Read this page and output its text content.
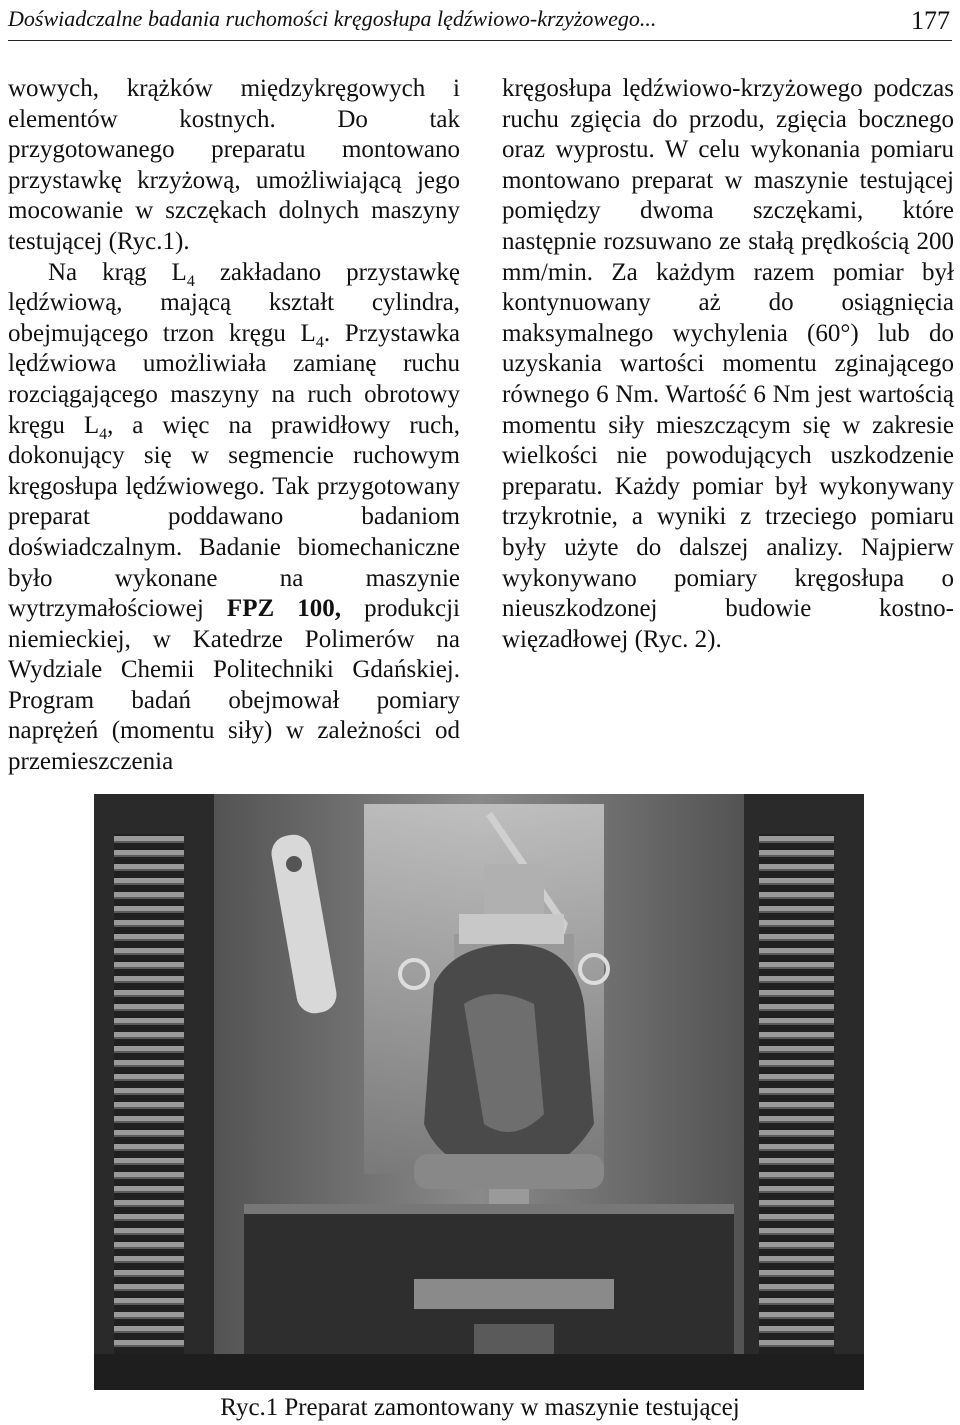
Doświadczalne badania ruchomości kręgosłupa lędźwiowo-krzyżowego...	177

wowych, krążków międzykręgowych i elementów kostnych. Do tak przygotowanego preparatu montowano przystawkę krzyżową, umożliwiającą jego mocowanie w szczękach dolnych maszyny testującej (Ryc.1).

Na krąg $L_4$ zakładano przystawkę lędźwiową, mającą kształt cylindra, obejmującego trzon kręgu $L_4$. Przystawka lędźwiowa umożliwiała zamianę ruchu rozciągającego maszyny na ruch obrotowy kręgu $L_4$, a więc na prawidłowy ruch, dokonujący się w segmencie ruchowym kręgosłupa lędźwiowego. Tak przygotowany preparat poddawano badaniom doświadczalnym. Badanie biomechaniczne było wykonane na maszynie wytrzymałościowej FPZ 100, produkcji niemieckiej, w Katedrze Polimerów na Wydziale Chemii Politechniki Gdańskiej. Program badań obejmował pomiary naprężeń (momentu siły) w zależności od przemieszczenia

kręgosłupa lędźwiowo-krzyżowego podczas ruchu zgięcia do przodu, zgięcia bocznego oraz wyprostu. W celu wykonania pomiaru montowano preparat w maszynie testującej pomiędzy dwoma szczękami, które następnie rozsuwano ze stałą prędkością 200 mm/min. Za każdym razem pomiar był kontynuowany aż do osiągnięcia maksymalnego wychylenia (60°) lub do uzyskania wartości momentu zginającego równego 6 Nm. Wartość 6 Nm jest wartością momentu siły mieszczącym się w zakresie wielkości nie powodujących uszkodzenie preparatu. Każdy pomiar był wykonywany trzykrotnie, a wyniki z trzeciego pomiaru były użyte do dalszej analizy. Najpierw wykonywano pomiary kręgosłupa o nieuszkodzonej budowie kostno-więzadłowej (Ryc. 2).

Ryc.1 Preparat zamontowany w maszynie testującej
